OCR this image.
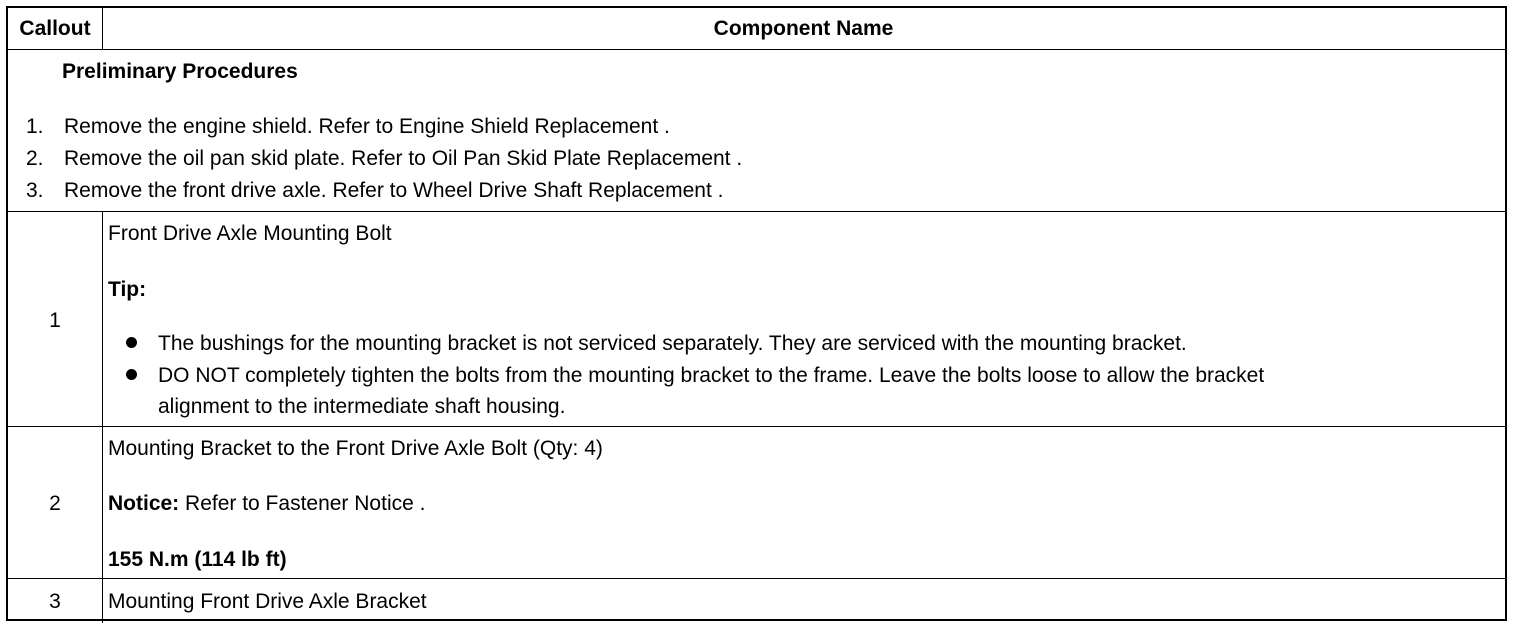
Callout	Component Name
Preliminary Procedures
1. Remove the engine shield. Refer to Engine Shield Replacement .
2. Remove the oil pan skid plate. Refer to Oil Pan Skid Plate Replacement .
3. Remove the front drive axle. Refer to Wheel Drive Shaft Replacement .
1
Front Drive Axle Mounting Bolt
Tip:
The bushings for the mounting bracket is not serviced separately. They are serviced with the mounting bracket.
DO NOT completely tighten the bolts from the mounting bracket to the frame. Leave the bolts loose to allow the bracket
alignment to the intermediate shaft housing.
2
Mounting Bracket to the Front Drive Axle Bolt (Qty: 4)
Notice: Refer to Fastener Notice .
155 N.m (114 lb ft)
3	Mounting Front Drive Axle Bracket
